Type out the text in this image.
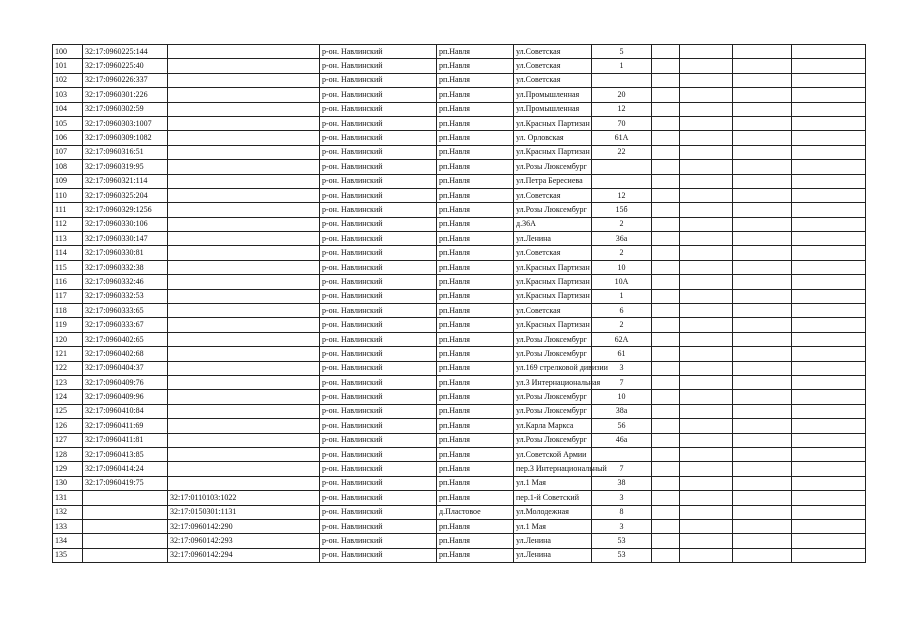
100	32:17:0960225:144		р-он. Навлинский	рп.Навля	ул.Советская	5				
101	32:17:0960225:40		р-он. Навлинский	рп.Навля	ул.Советская	1				
102	32:17:0960226:337		р-он. Навлинский	рп.Навля	ул.Советская					
103	32:17:0960301:226		р-он. Навлинский	рп.Навля	ул.Промышленная	20				
104	32:17:0960302:59		р-он. Навлинский	рп.Навля	ул.Промышленная	12				
105	32:17:0960303:1007		р-он. Навлинский	рп.Навля	ул.Красных Партизан	70				
106	32:17:0960309:1082		р-он. Навлинский	рп.Навля	ул. Орловская	61А				
107	32:17:0960316:51		р-он. Навлинский	рп.Навля	ул.Красных Партизан	22				
108	32:17:0960319:95		р-он. Навлинский	рп.Навля	ул.Розы Люксембург					
109	32:17:0960321:114		р-он. Навлинский	рп.Навля	ул.Петра Бересиева					
110	32:17:0960325:204		р-он. Навлинский	рп.Навля	ул.Советская	12				
111	32:17:0960329:1256		р-он. Навлинский	рп.Навля	ул.Розы Люксембург	15б				
112	32:17:0960330:106		р-он. Навлинский	рп.Навля	д.36А	2				
113	32:17:0960330:147		р-он. Навлинский	рп.Навля	ул.Ленина	36а				
114	32:17:0960330:81		р-он. Навлинский	рп.Навля	ул.Советская	2				
115	32:17:0960332:38		р-он. Навлинский	рп.Навля	ул.Красных Партизан	10				
116	32:17:0960332:46		р-он. Навлинский	рп.Навля	ул.Красных Партизан	10А				
117	32:17:0960332:53		р-он. Навлинский	рп.Навля	ул.Красных Партизан	1				
118	32:17:0960333:65		р-он. Навлинский	рп.Навля	ул.Советская	6				
119	32:17:0960333:67		р-он. Навлинский	рп.Навля	ул.Красных Партизан	2				
120	32:17:0960402:65		р-он. Навлинский	рп.Навля	ул.Розы Люксембург	62А				
121	32:17:0960402:68		р-он. Навлинский	рп.Навля	ул.Розы Люксембург	61				
122	32:17:0960404:37		р-он. Навлинский	рп.Навля	ул.169 стрелковой дивизии	3				
123	32:17:0960409:76		р-он. Навлинский	рп.Навля	ул.3 Интернациональная	7				
124	32:17:0960409:96		р-он. Навлинский	рп.Навля	ул.Розы Люксембург	10				
125	32:17:0960410:84		р-он. Навлинский	рп.Навля	ул.Розы Люксембург	38а				
126	32:17:0960411:69		р-он. Навлинский	рп.Навля	ул.Карла Маркса	56				
127	32:17:0960411:81		р-он. Навлинский	рп.Навля	ул.Розы Люксембург	46а				
128	32:17:0960413:85		р-он. Навлинский	рп.Навля	ул.Советской Армии					
129	32:17:0960414:24		р-он. Навлинский	рп.Навля	пер.3 Интернациональный	7				
130	32:17:0960419:75		р-он. Навлинский	рп.Навля	ул.1 Мая	38				
131		32:17:0110103:1022	р-он. Навлинский	рп.Навля	пер.1-й Советский	3				
132		32:17:0150301:1131	р-он. Навлинский	д.Пластовое	ул.Молодежная	8				
133		32:17:0960142:290	р-он. Навлинский	рп.Навля	ул.1 Мая	3				
134		32:17:0960142:293	р-он. Навлинский	рп.Навля	ул.Ленина	53				
135		32:17:0960142:294	р-он. Навлинский	рп.Навля	ул.Ленина	53				
